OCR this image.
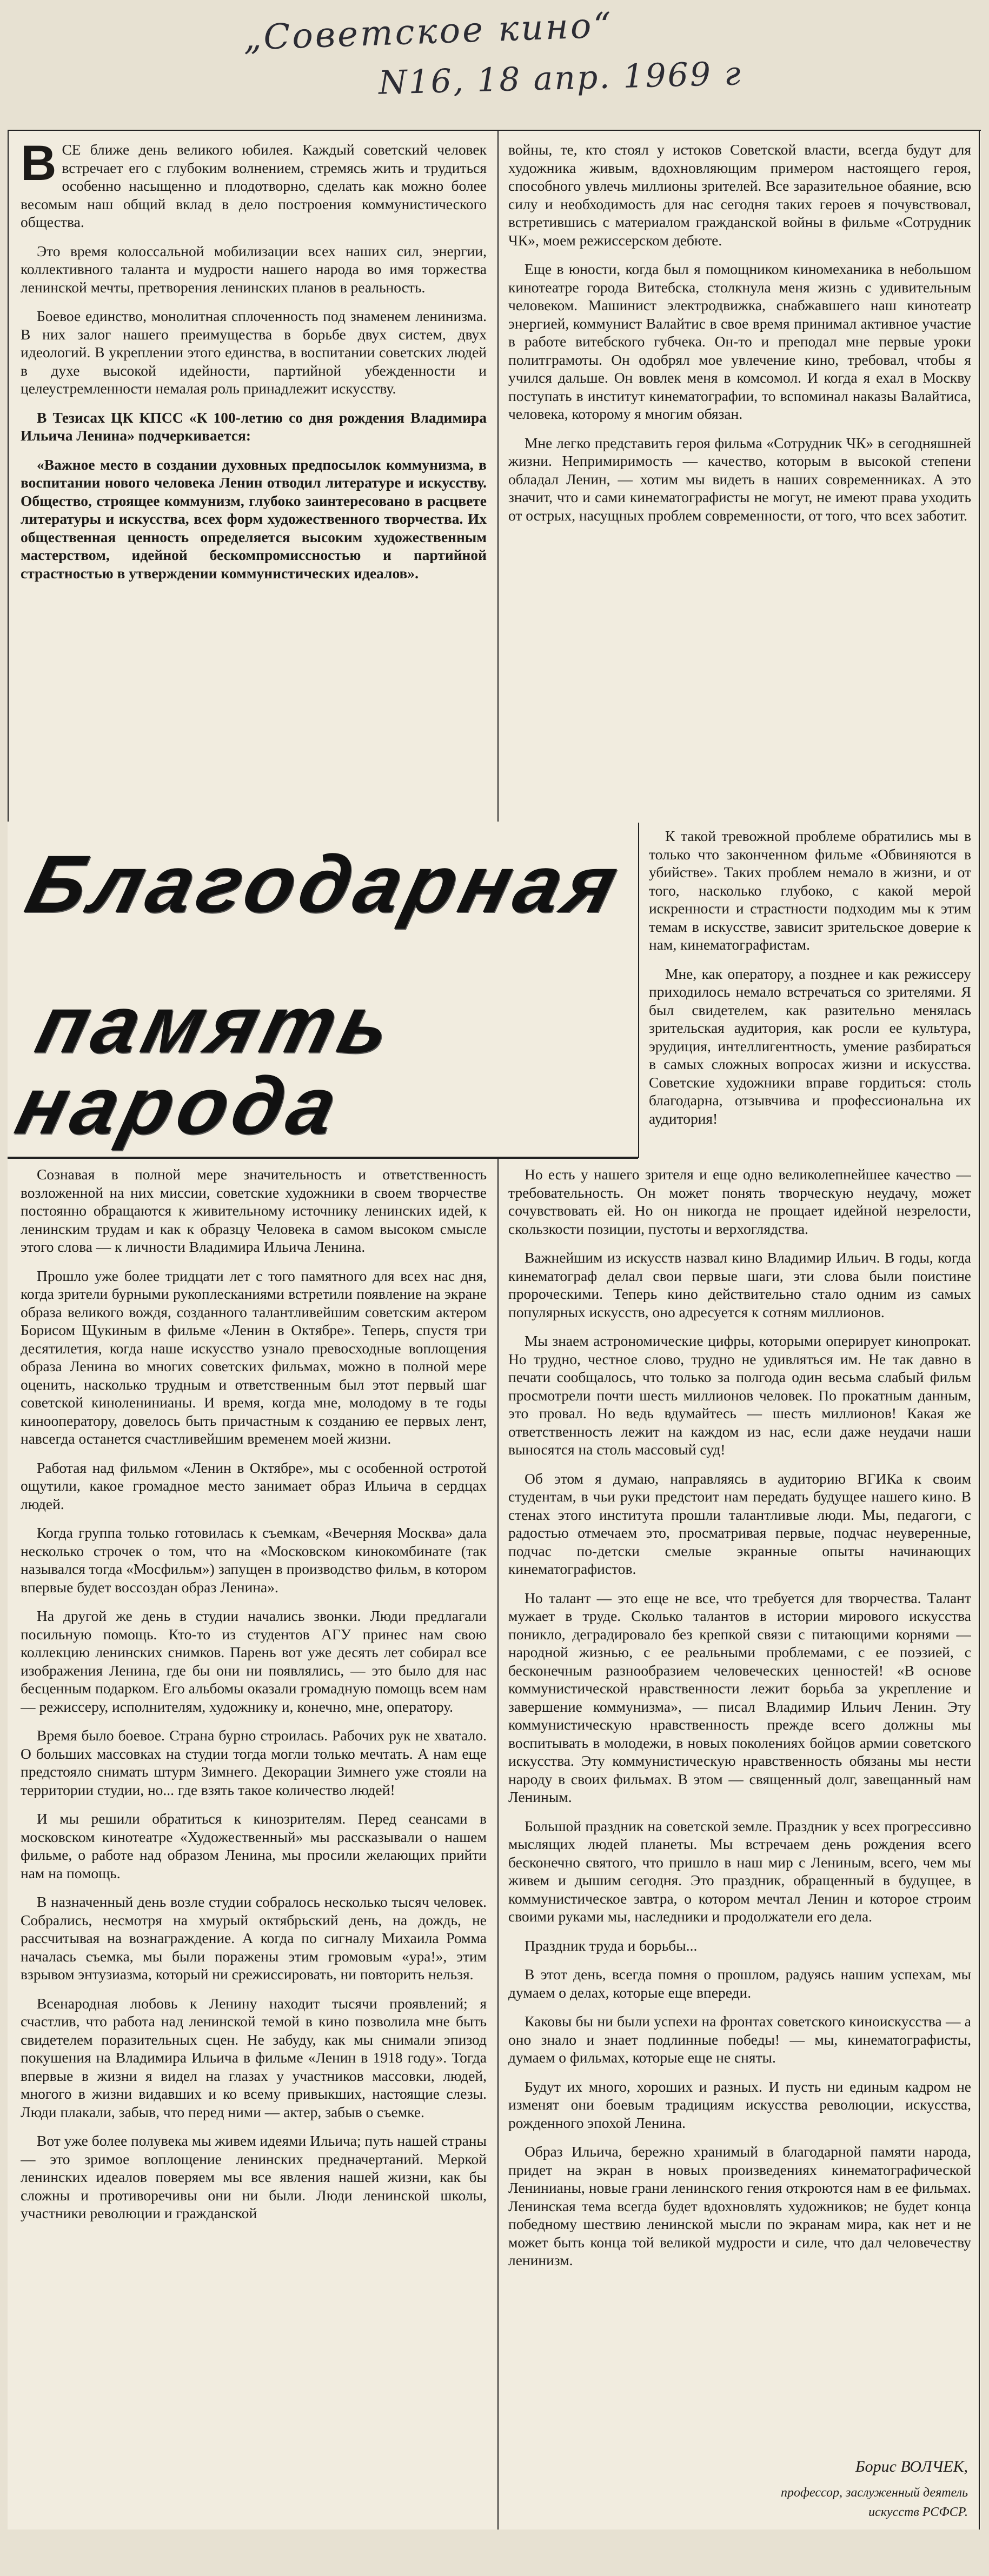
„Советское кино“
N16, 18 апр. 1969 г

ВСЕ ближе день великого юбилея. Каждый советский человек встречает его с глубоким волнением, стремясь жить и трудиться особенно насыщенно и плодотворно, сделать как можно более весомым наш общий вклад в дело построения коммунистического общества.

Это время колоссальной мобилизации всех наших сил, энергии, коллективного таланта и мудрости нашего народа во имя торжества ленинской мечты, претворения ленинских планов в реальность.

Боевое единство, монолитная сплоченность под знаменем ленинизма. В них залог нашего преимущества в борьбе двух систем, двух идеологий. В укреплении этого единства, в воспитании советских людей в духе высокой идейности, партийной убежденности и целеустремленности немалая роль принадлежит искусству.

В Тезисах ЦК КПСС «К 100-летию со дня рождения Владимира Ильича Ленина» подчеркивается:

«Важное место в создании духовных предпосылок коммунизма, в воспитании нового человека Ленин отводил литературе и искусству. Общество, строящее коммунизм, глубоко заинтересовано в расцвете литературы и искусства, всех форм художественного творчества. Их общественная ценность определяется высоким художественным мастерством, идейной бескомпромиссностью и партийной страстностью в утверждении коммунистических идеалов».

Благодарная
память народа

Сознавая в полной мере значительность и ответственность возложенной на них миссии, советские художники в своем творчестве постоянно обращаются к живительному источнику ленинских идей, к ленинским трудам и как к образцу Человека в самом высоком смысле этого слова — к личности Владимира Ильича Ленина.

Прошло уже более тридцати лет с того памятного для всех нас дня, когда зрители бурными рукоплесканиями встретили появление на экране образа великого вождя, созданного талантливейшим советским актером Борисом Щукиным в фильме «Ленин в Октябре». Теперь, спустя три десятилетия, когда наше искусство узнало превосходные воплощения образа Ленина во многих советских фильмах, можно в полной мере оценить, насколько трудным и ответственным был этот первый шаг советской киноленинианы. И время, когда мне, молодому в те годы кинооператору, довелось быть причастным к созданию ее первых лент, навсегда останется счастливейшим временем моей жизни.

Работая над фильмом «Ленин в Октябре», мы с особенной остротой ощутили, какое громадное место занимает образ Ильича в сердцах людей.

Когда группа только готовилась к съемкам, «Вечерняя Москва» дала несколько строчек о том, что на «Московском кинокомбинате (так назывался тогда «Мосфильм») запущен в производство фильм, в котором впервые будет воссоздан образ Ленина».

На другой же день в студии начались звонки. Люди предлагали посильную помощь. Кто-то из студентов АГУ принес нам свою коллекцию ленинских снимков. Парень вот уже десять лет собирал все изображения Ленина, где бы они ни появлялись, — это было для нас бесценным подарком. Его альбомы оказали громадную помощь всем нам — режиссеру, исполнителям, художнику и, конечно, мне, оператору.

Время было боевое. Страна бурно строилась. Рабочих рук не хватало. О больших массовках на студии тогда могли только мечтать. А нам еще предстояло снимать штурм Зимнего. Декорации Зимнего уже стояли на территории студии, но... где взять такое количество людей!

И мы решили обратиться к кинозрителям. Перед сеансами в московском кинотеатре «Художественный» мы рассказывали о нашем фильме, о работе над образом Ленина, мы просили желающих прийти нам на помощь.

В назначенный день возле студии собралось несколько тысяч человек. Собрались, несмотря на хмурый октябрьский день, на дождь, не рассчитывая на вознаграждение. А когда по сигналу Михаила Ромма началась съемка, мы были поражены этим громовым «ура!», этим взрывом энтузиазма, который ни срежиссировать, ни повторить нельзя.

Всенародная любовь к Ленину находит тысячи проявлений; я счастлив, что работа над ленинской темой в кино позволила мне быть свидетелем поразительных сцен. Не забуду, как мы снимали эпизод покушения на Владимира Ильича в фильме «Ленин в 1918 году». Тогда впервые в жизни я видел на глазах у участников массовки, людей, многого в жизни видавших и ко всему привыкших, настоящие слезы. Люди плакали, забыв, что перед ними — актер, забыв о съемке.

Вот уже более полувека мы живем идеями Ильича; путь нашей страны — это зримое воплощение ленинских предначертаний. Меркой ленинских идеалов поверяем мы все явления нашей жизни, как бы сложны и противоречивы они ни были. Люди ленинской школы, участники революции и гражданской

войны, те, кто стоял у истоков Советской власти, всегда будут для художника живым, вдохновляющим примером настоящего героя, способного увлечь миллионы зрителей. Все заразительное обаяние, всю силу и необходимость для нас сегодня таких героев я почувствовал, встретившись с материалом гражданской войны в фильме «Сотрудник ЧК», моем режиссерском дебюте.

Еще в юности, когда был я помощником киномеханика в небольшом кинотеатре города Витебска, столкнула меня жизнь с удивительным человеком. Машинист электродвижка, снабжавшего наш кинотеатр энергией, коммунист Валайтис в свое время принимал активное участие в работе витебского губчека. Он-то и преподал мне первые уроки политграмоты. Он одобрял мое увлечение кино, требовал, чтобы я учился дальше. Он вовлек меня в комсомол. И когда я ехал в Москву поступать в институт кинематографии, то вспоминал наказы Валайтиса, человека, которому я многим обязан.

Мне легко представить героя фильма «Сотрудник ЧК» в сегодняшней жизни. Непримиримость — качество, которым в высокой степени обладал Ленин, — хотим мы видеть в наших современниках. А это значит, что и сами кинематографисты не могут, не имеют права уходить от острых, насущных проблем современности, от того, что всех заботит.

К такой тревожной проблеме обратились мы в только что законченном фильме «Обвиняются в убийстве». Таких проблем немало в жизни, и от того, насколько глубоко, с какой мерой искренности и страстности подходим мы к этим темам в искусстве, зависит зрительское доверие к нам, кинематографистам.

Мне, как оператору, а позднее и как режиссеру приходилось немало встречаться со зрителями. Я был свидетелем, как разительно менялась зрительская аудитория, как росли ее культура, эрудиция, интеллигентность, умение разбираться в самых сложных вопросах жизни и искусства. Советские художники вправе гордиться: столь благодарна, отзывчива и профессиональна их аудитория!

Но есть у нашего зрителя и еще одно великолепнейшее качество — требовательность. Он может понять творческую неудачу, может сочувствовать ей. Но он никогда не прощает идейной незрелости, скользкости позиции, пустоты и верхоглядства.

Важнейшим из искусств назвал кино Владимир Ильич. В годы, когда кинематограф делал свои первые шаги, эти слова были поистине пророческими. Теперь кино действительно стало одним из самых популярных искусств, оно адресуется к сотням миллионов.

Мы знаем астрономические цифры, которыми оперирует кинопрокат. Но трудно, честное слово, трудно не удивляться им. Не так давно в печати сообщалось, что только за полгода один весьма слабый фильм просмотрели почти шесть миллионов человек. По прокатным данным, это провал. Но ведь вдумайтесь — шесть миллионов! Какая же ответственность лежит на каждом из нас, если даже неудачи наши выносятся на столь массовый суд!

Об этом я думаю, направляясь в аудиторию ВГИКа к своим студентам, в чьи руки предстоит нам передать будущее нашего кино. В стенах этого института прошли талантливые люди. Мы, педагоги, с радостью отмечаем это, просматривая первые, подчас неуверенные, подчас по-детски смелые экранные опыты начинающих кинематографистов.

Но талант — это еще не все, что требуется для творчества. Талант мужает в труде. Сколько талантов в истории мирового искусства поникло, деградировало без крепкой связи с питающими корнями — народной жизнью, с ее реальными проблемами, с ее поэзией, с бесконечным разнообразием человеческих ценностей! «В основе коммунистической нравственности лежит борьба за укрепление и завершение коммунизма», — писал Владимир Ильич Ленин. Эту коммунистическую нравственность прежде всего должны мы воспитывать в молодежи, в новых поколениях бойцов армии советского искусства. Эту коммунистическую нравственность обязаны мы нести народу в своих фильмах. В этом — священный долг, завещанный нам Лениным.

Большой праздник на советской земле. Праздник у всех прогрессивно мыслящих людей планеты. Мы встречаем день рождения всего бесконечно святого, что пришло в наш мир с Лениным, всего, чем мы живем и дышим сегодня. Это праздник, обращенный в будущее, в коммунистическое завтра, о котором мечтал Ленин и которое строим своими руками мы, наследники и продолжатели его дела.

Праздник труда и борьбы...

В этот день, всегда помня о прошлом, радуясь нашим успехам, мы думаем о делах, которые еще впереди.

Каковы бы ни были успехи на фронтах советского киноискусства — а оно знало и знает подлинные победы! — мы, кинематографисты, думаем о фильмах, которые еще не сняты.

Будут их много, хороших и разных. И пусть ни единым кадром не изменят они боевым традициям искусства революции, искусства, рожденного эпохой Ленина.

Образ Ильича, бережно хранимый в благодарной памяти народа, придет на экран в новых произведениях кинематографической Ленинианы, новые грани ленинского гения откроются нам в ее фильмах. Ленинская тема всегда будет вдохновлять художников; не будет конца победному шествию ленинской мысли по экранам мира, как нет и не может быть конца той великой мудрости и силе, что дал человечеству ленинизм.

Борис ВОЛЧЕК,
профессор, заслуженный деятель искусств РСФСР.
